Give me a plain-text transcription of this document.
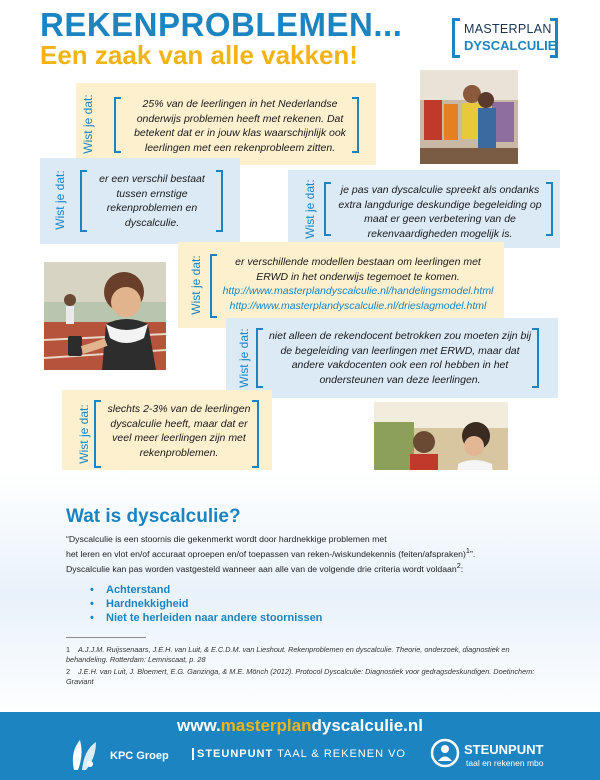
REKENPROBLEMEN...
Een zaak van alle vakken!
MASTERPLAN
DYSCALCULIE
Wist je dat:	25% van de leerlingen in het Nederlandse onderwijs problemen heeft met rekenen. Dat betekent dat er in jouw klas waarschijnlijk ook leerlingen met een rekenprobleem zitten.
Wist je dat:	er een verschil bestaat tussen ernstige rekenproblemen en dyscalculie.	Wist je dat:	je pas van dyscalculie spreekt als ondanks extra langdurige deskundige begeleiding op maat er geen verbetering van de rekenvaardigheden mogelijk is.
Wist je dat:	er verschillende modellen bestaan om leerlingen met ERWD in het onderwijs tegemoet te komen.
http://www.masterplandyscalculie.nl/handelingsmodel.html
http://www.masterplandyscalculie.nl/drieslagmodel.html
Wist je dat: niet alleen de rekendocent betrokken zou moeten zijn bij de begeleiding van leerlingen met ERWD, maar dat andere vakdocenten ook een rol hebben in het ondersteunen van deze leerlingen.
Wist je dat:	slechts 2-3% van de leerlingen dyscalculie heeft, maar dat er veel meer leerlingen zijn met rekenproblemen.
Wat is dyscalculie?
“Dyscalculie is een stoornis die gekenmerkt wordt door hardnekkige problemen met
het leren en vlot en/of accuraat oproepen en/of toepassen van reken-/wiskundekennis (feiten/afspraken)$^1$”.
Dyscalculie kan pas worden vastgesteld wanneer aan alle van de volgende drie criteria wordt voldaan$^2$:
• Achterstand
• Hardnekkigheid
• Niet te herleiden naar andere stoornissen
1 A.J.J.M. Ruijssenaars, J.E.H. van Luit, & E.C.D.M. van Lieshout. Rekenproblemen en dyscalculie. Theorie, onderzoek, diagnostiek en behandeling. Rotterdam: Lemniscaat, p. 28
2 J.E.H. van Luit, J. Bloemert, E.G. Ganzinga, & M.E. Mönch (2012). Protocol Dyscalculie: Diagnostiek voor gedragsdeskundigen. Doetinchem: Graviant
www.masterplandyscalculie.nl
KPC Groep	STEUNPUNT TAAL & REKENEN VO	STEUNPUNT
taal en rekenen mbo
